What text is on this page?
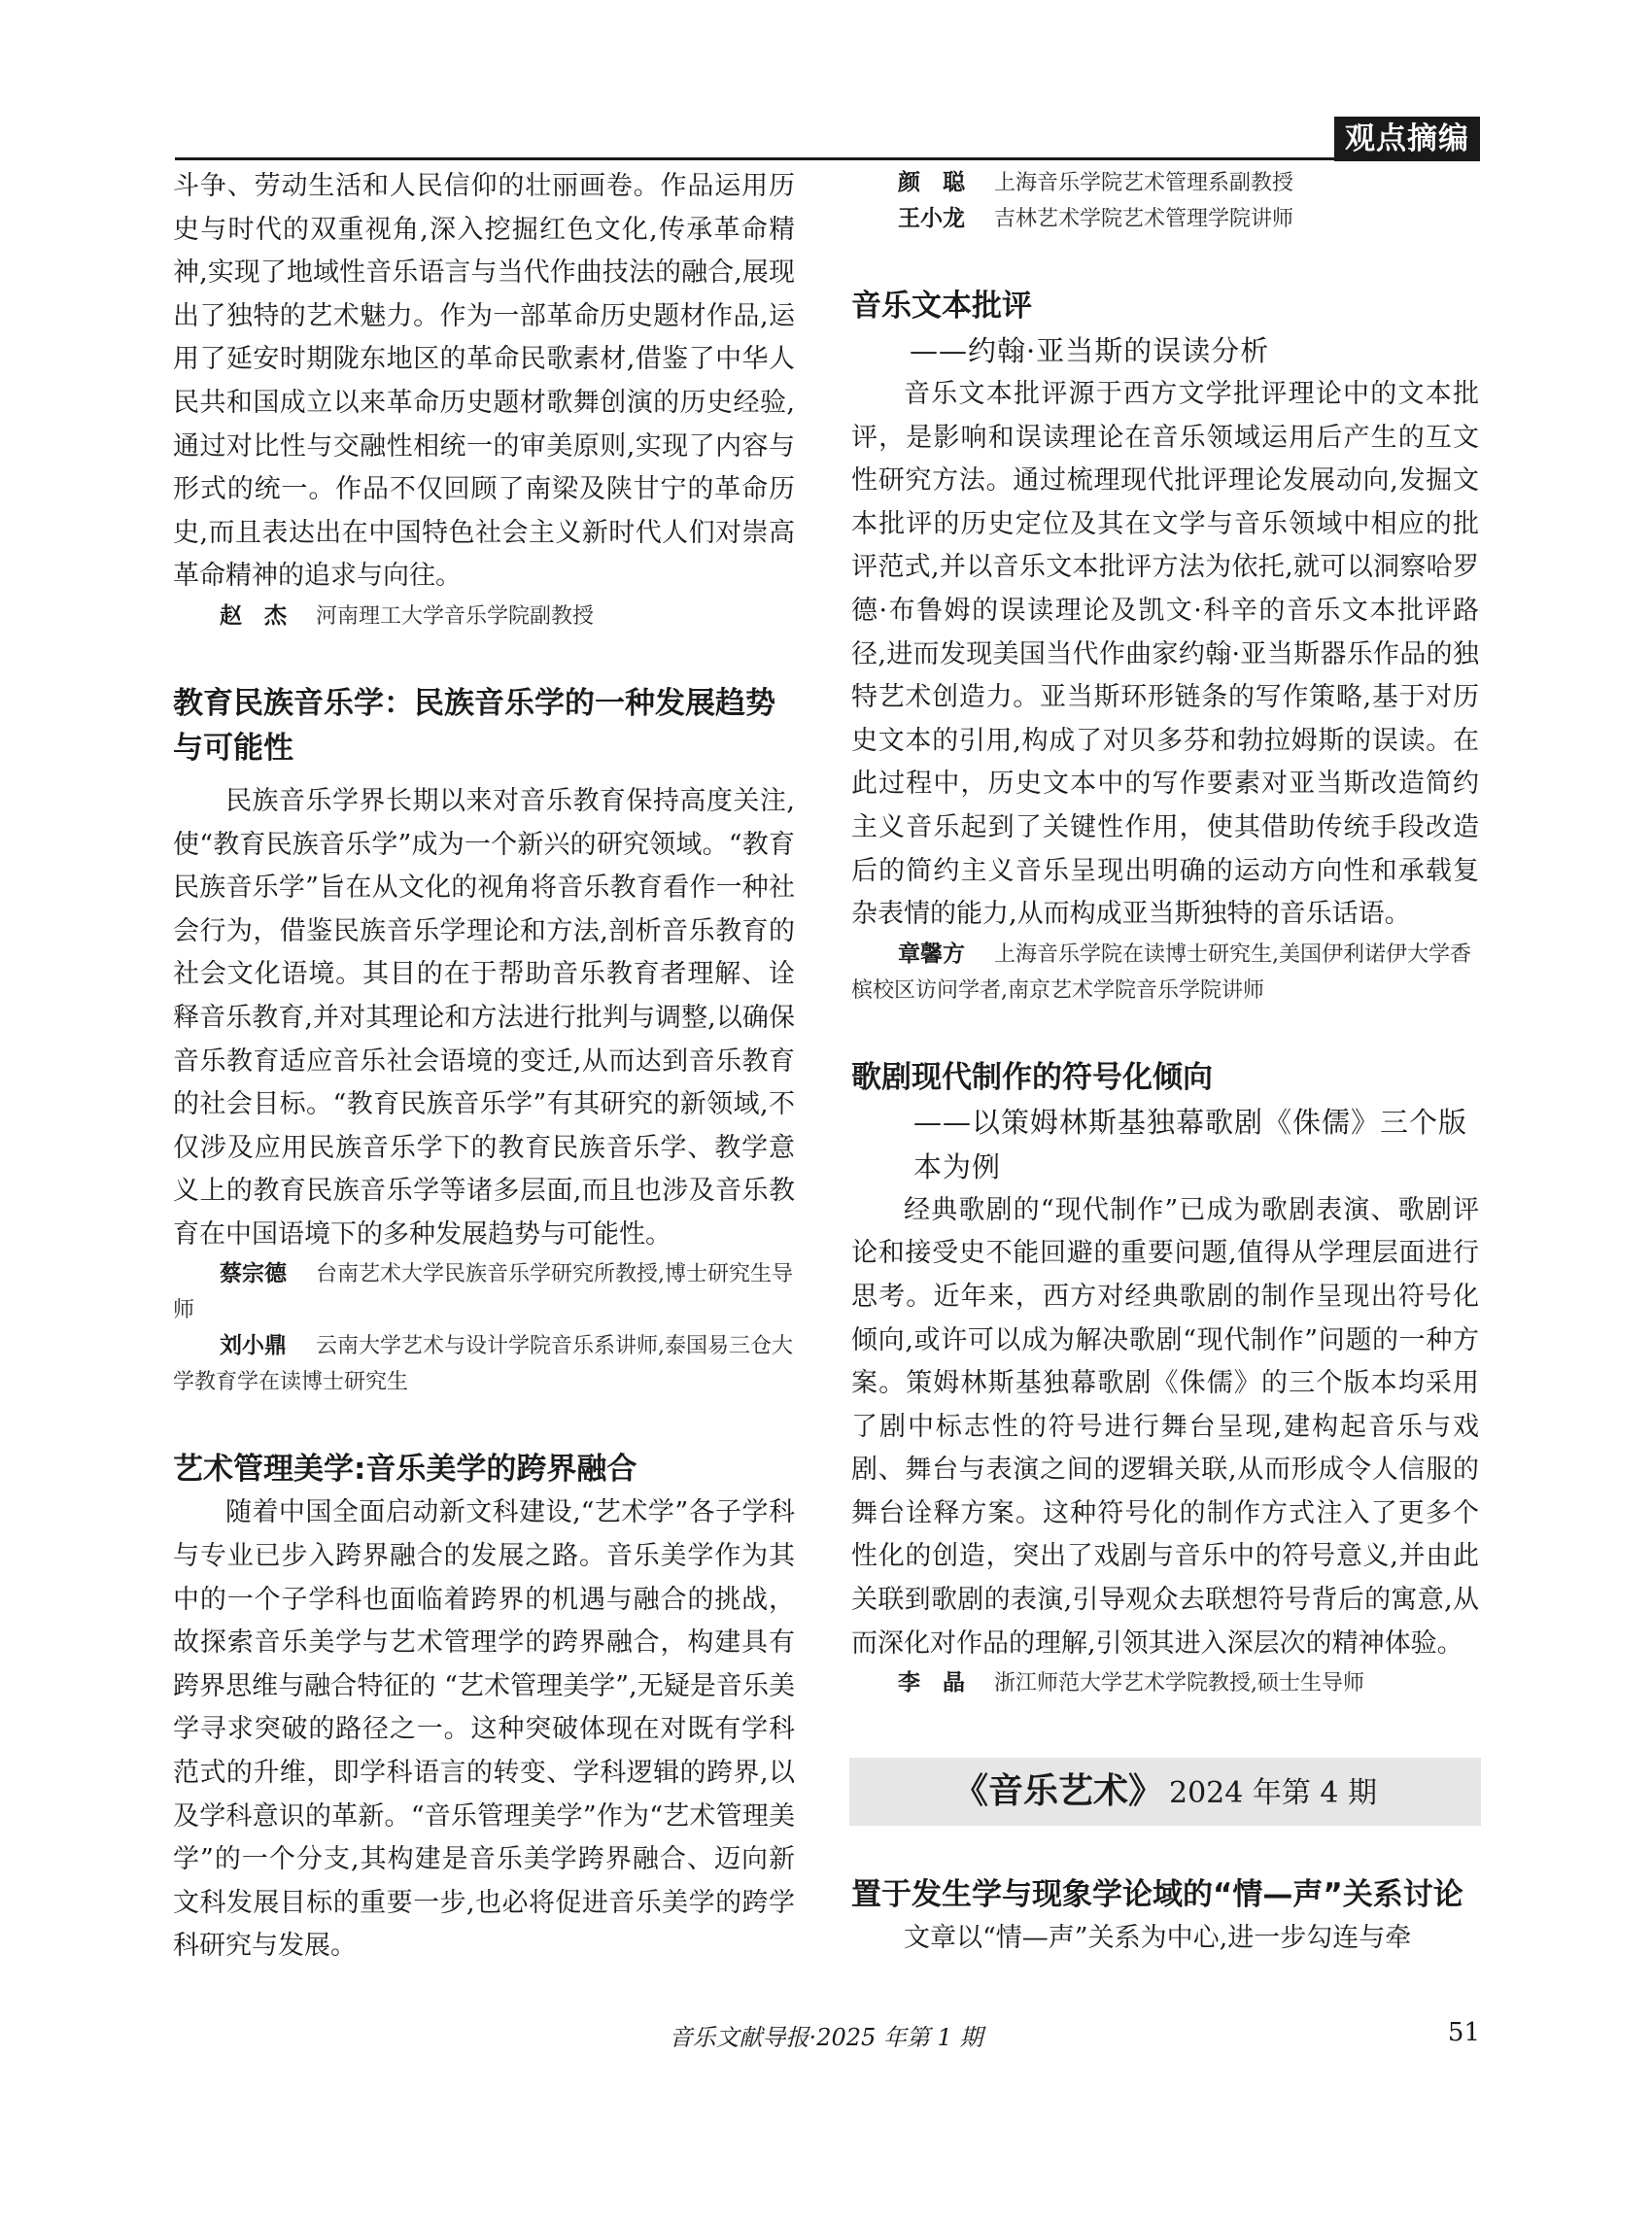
观点摘编

斗争、劳动生活和人民信仰的壮丽画卷。作品运用历史与时代的双重视角,深入挖掘红色文化,传承革命精神,实现了地域性音乐语言与当代作曲技法的融合,展现出了独特的艺术魅力。作为一部革命历史题材作品,运用了延安时期陇东地区的革命民歌素材,借鉴了中华人民共和国成立以来革命历史题材歌舞创演的历史经验,通过对比性与交融性相统一的审美原则,实现了内容与形式的统一。作品不仅回顾了南梁及陕甘宁的革命历史,而且表达出在中国特色社会主义新时代人们对崇高革命精神的追求与向往。

赵　杰 河南理工大学音乐学院副教授

教育民族音乐学：民族音乐学的一种发展趋势与可能性

民族音乐学界长期以来对音乐教育保持高度关注,使“教育民族音乐学”成为一个新兴的研究领域。“教育民族音乐学”旨在从文化的视角将音乐教育看作一种社会行为，借鉴民族音乐学理论和方法,剖析音乐教育的社会文化语境。其目的在于帮助音乐教育者理解、诠释音乐教育,并对其理论和方法进行批判与调整,以确保音乐教育适应音乐社会语境的变迁,从而达到音乐教育的社会目标。“教育民族音乐学”有其研究的新领域,不仅涉及应用民族音乐学下的教育民族音乐学、教学意义上的教育民族音乐学等诸多层面,而且也涉及音乐教育在中国语境下的多种发展趋势与可能性。

蔡宗德 台南艺术大学民族音乐学研究所教授,博士研究生导师

刘小鼎 云南大学艺术与设计学院音乐系讲师,泰国易三仓大学教育学在读博士研究生

艺术管理美学:音乐美学的跨界融合

随着中国全面启动新文科建设,“艺术学”各子学科与专业已步入跨界融合的发展之路。音乐美学作为其中的一个子学科也面临着跨界的机遇与融合的挑战，故探索音乐美学与艺术管理学的跨界融合，构建具有跨界思维与融合特征的 “艺术管理美学”,无疑是音乐美学寻求突破的路径之一。这种突破体现在对既有学科范式的升维，即学科语言的转变、学科逻辑的跨界,以及学科意识的革新。“音乐管理美学”作为“艺术管理美学”的一个分支,其构建是音乐美学跨界融合、迈向新文科发展目标的重要一步,也必将促进音乐美学的跨学科研究与发展。

颜　聪 上海音乐学院艺术管理系副教授

王小龙 吉林艺术学院艺术管理学院讲师

音乐文本批评

——约翰·亚当斯的误读分析

音乐文本批评源于西方文学批评理论中的文本批评，是影响和误读理论在音乐领域运用后产生的互文性研究方法。通过梳理现代批评理论发展动向,发掘文本批评的历史定位及其在文学与音乐领域中相应的批评范式,并以音乐文本批评方法为依托,就可以洞察哈罗德·布鲁姆的误读理论及凯文·科辛的音乐文本批评路径,进而发现美国当代作曲家约翰·亚当斯器乐作品的独特艺术创造力。亚当斯环形链条的写作策略,基于对历史文本的引用,构成了对贝多芬和勃拉姆斯的误读。在此过程中，历史文本中的写作要素对亚当斯改造简约主义音乐起到了关键性作用，使其借助传统手段改造后的简约主义音乐呈现出明确的运动方向性和承载复杂表情的能力,从而构成亚当斯独特的音乐话语。

章馨方 上海音乐学院在读博士研究生,美国伊利诺伊大学香槟校区访问学者,南京艺术学院音乐学院讲师

歌剧现代制作的符号化倾向

——以策姆林斯基独幕歌剧《侏儒》三个版本为例

经典歌剧的“现代制作”已成为歌剧表演、歌剧评论和接受史不能回避的重要问题,值得从学理层面进行思考。近年来，西方对经典歌剧的制作呈现出符号化倾向,或许可以成为解决歌剧“现代制作”问题的一种方案。策姆林斯基独幕歌剧《侏儒》的三个版本均采用了剧中标志性的符号进行舞台呈现,建构起音乐与戏剧、舞台与表演之间的逻辑关联,从而形成令人信服的舞台诠释方案。这种符号化的制作方式注入了更多个性化的创造，突出了戏剧与音乐中的符号意义,并由此关联到歌剧的表演,引导观众去联想符号背后的寓意,从而深化对作品的理解,引领其进入深层次的精神体验。

李　晶 浙江师范大学艺术学院教授,硕士生导师

《音乐艺术》 2024 年第 4 期
置于发生学与现象学论域的“情—声”关系讨论

文章以“情—声”关系为中心,进一步勾连与牵

音乐文献导报·2025 年第 1 期	51
